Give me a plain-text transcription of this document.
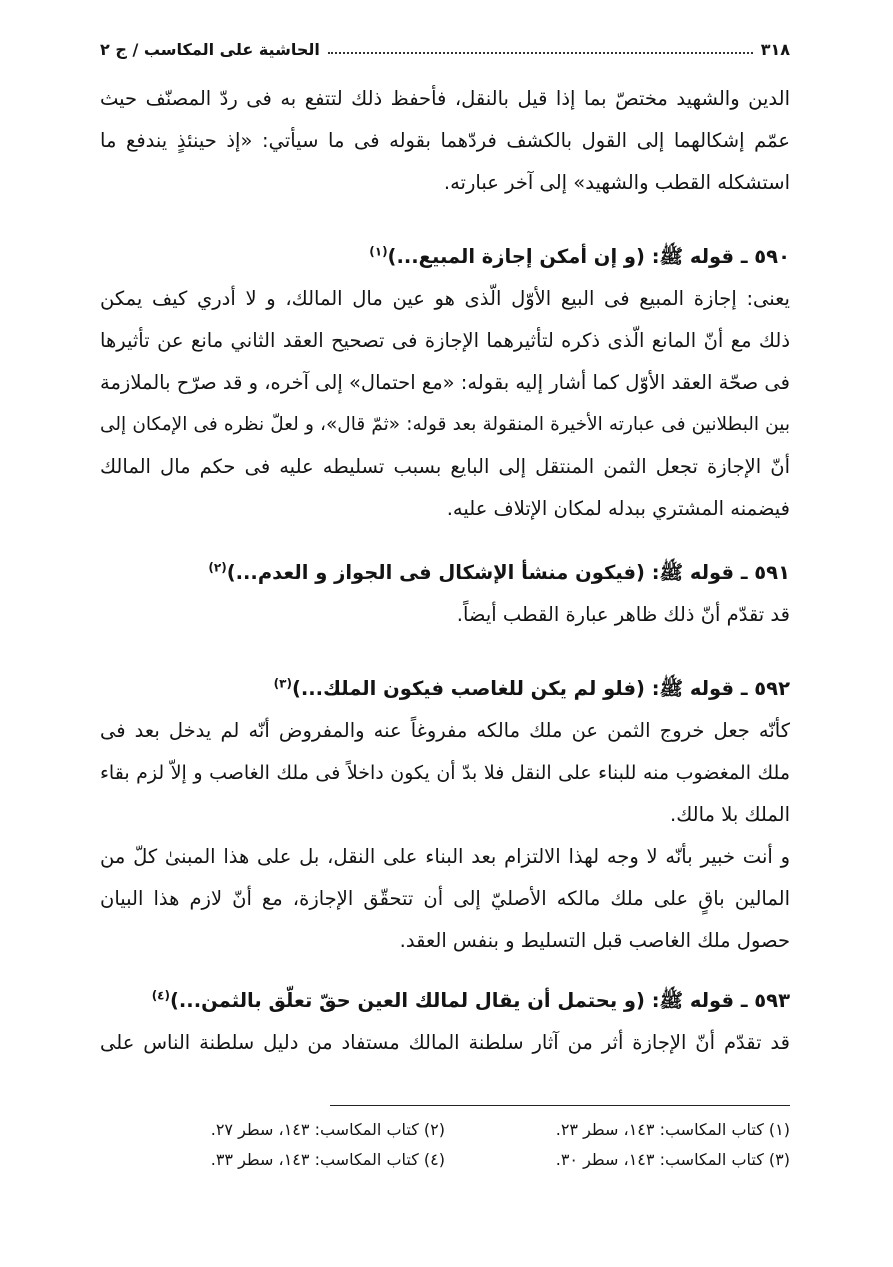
٣١٨
الحاشية على المكاسب / ج ٢
الدين والشهيد مختصّ بما إذا قيل بالنقل، فأحفظ ذلك لتتفع به فى ردّ المصنّف حيث
عمّم إشكالهما إلى القول بالكشف فردّهما بقوله فى ما سيأتي: «إذ حينئذٍ يندفع ما
استشكله القطب والشهيد» إلى آخر عبارته.
٥٩٠ ـ قوله ﷺ: (و إن أمكن إجازة المبيع...)$^{(١)}$
يعنى: إجازة المبيع فى البيع الأوّل الّذى هو عين مال المالك، و لا أدري كيف يمكن
ذلك مع أنّ المانع الّذى ذكره لتأثيرهما الإجازة فى تصحيح العقد الثاني مانع عن تأثيرها
فى صحّة العقد الأوّل كما أشار إليه بقوله: «مع احتمال» إلى آخره، و قد صرّح بالملازمة
بين البطلانين فى عبارته الأخيرة المنقولة بعد قوله: «ثمّ قال»، و لعلّ نظره فى الإمكان إلى
أنّ الإجازة تجعل الثمن المنتقل إلى البايع بسبب تسليطه عليه فى حكم مال المالك
فيضمنه المشتري ببدله لمكان الإتلاف عليه.
٥٩١ ـ قوله ﷺ: (فيكون منشأ الإشكال فى الجواز و العدم...)$^{(٢)}$
قد تقدّم أنّ ذلك ظاهر عبارة القطب أيضاً.
٥٩٢ ـ قوله ﷺ: (فلو لم يكن للغاصب فيكون الملك...)$^{(٣)}$
كأنّه جعل خروج الثمن عن ملك مالكه مفروغاً عنه والمفروض أنّه لم يدخل بعد فى
ملك المغضوب منه للبناء على النقل فلا بدّ أن يكون داخلاً فى ملك الغاصب و إلاّ لزم بقاء
الملك بلا مالك.
و أنت خبير بأنّه لا وجه لهذا الالتزام بعد البناء على النقل، بل على هذا المبنىٰ كلّ من
المالين باقٍ على ملك مالكه الأصليّ إلى أن تتحقّق الإجازة، مع أنّ لازم هذا البيان
حصول ملك الغاصب قبل التسليط و بنفس العقد.
٥٩٣ ـ قوله ﷺ: (و يحتمل أن يقال لمالك العين حقّ تعلّق بالثمن...)$^{(٤)}$
قد تقدّم أنّ الإجازة أثر من آثار سلطنة المالك مستفاد من دليل سلطنة الناس على
(١) كتاب المكاسب: ١٤٣، سطر ٢٣.
(٢) كتاب المكاسب: ١٤٣، سطر ٢٧.
(٣) كتاب المكاسب: ١٤٣، سطر ٣٠.
(٤) كتاب المكاسب: ١٤٣، سطر ٣٣.
